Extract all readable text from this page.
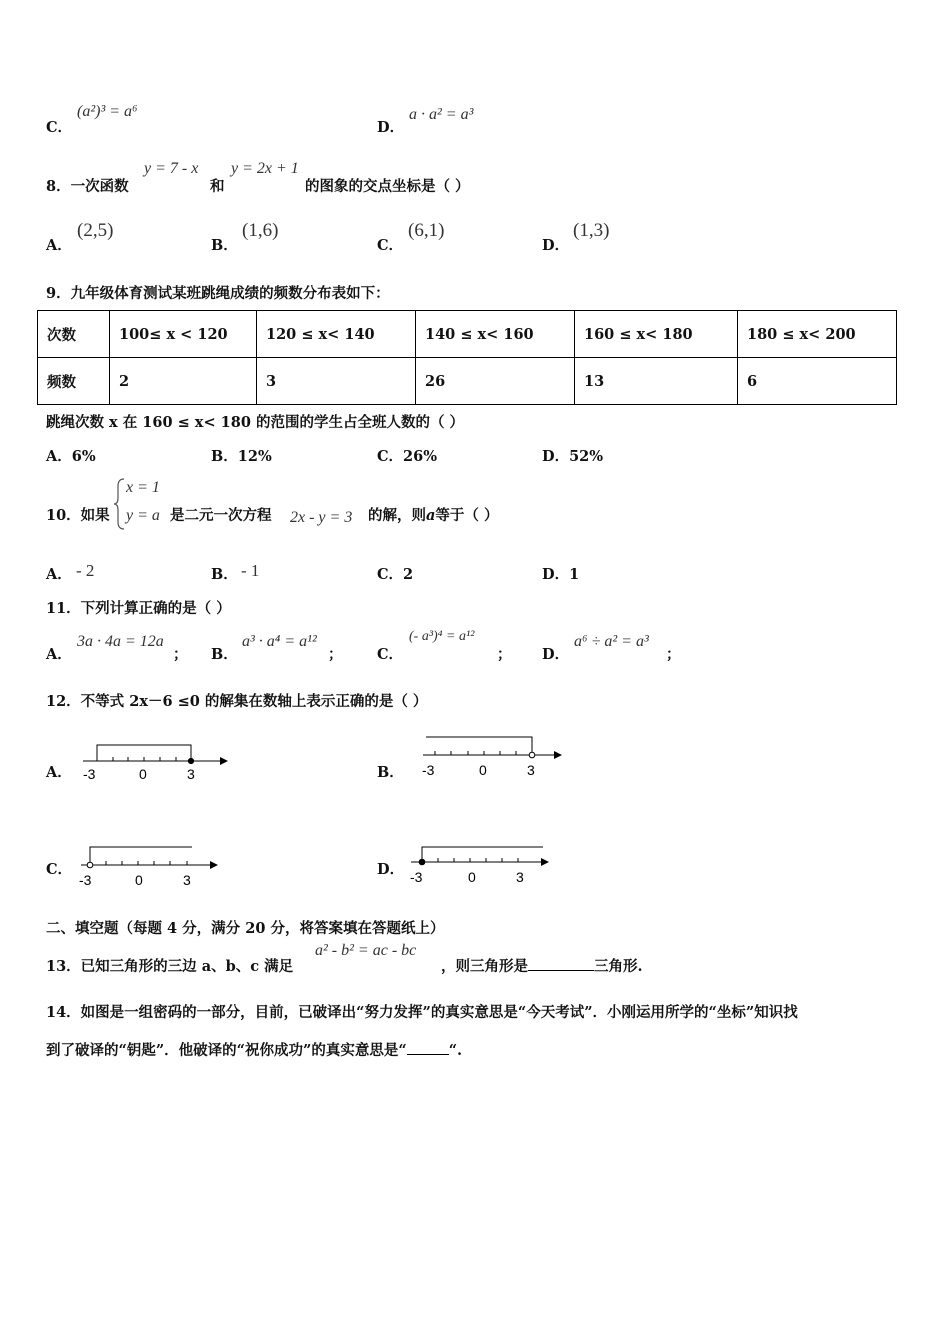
C．
(a²)³ = a⁶
D．
a · a² = a³
8．一次函数
y = 7 - x
和
y = 2x + 1
的图象的交点坐标是（ ）
A．
(2,5)
B．
(1,6)
C．
(6,1)
D．
(1,3)
9．九年级体育测试某班跳绳成绩的频数分布表如下：
次数	100≤ x < 120	120 ≤ x< 140	140 ≤ x< 160	160 ≤ x< 180	180 ≤ x< 200
频数	2	3	26	13	6
跳绳次数 x 在 160 ≤ x< 180 的范围的学生占全班人数的（ ）
A．6%	B．12%	C．26%	D．52%
10．如果
x = 1
y = a 是二元一次方程 2x - y = 3 的解，则a等于（ ）
A． - 2	B． - 1	C．2	D．1
11．下列计算正确的是（ ）
A．
3a · 4a = 12a
； B．
a³ · a⁴ = a¹²
； C．
(- a³)⁴ = a¹²
； D．
a⁶ ÷ a² = a³
；
12．不等式 2x－6 ≤0 的解集在数轴上表示正确的是（ ）
A． -3	0	3	B． -3	0	3
C．
-3	0	3
D． -3	0	3
二、填空题（每题 4 分，满分 20 分，将答案填在答题纸上）
13．已知三角形的三边 a、b、c 满足
a² - b² = ac - bc
，则三角形是	三角形.
14．如图是一组密码的一部分，目前，已破译出“努力发挥”的真实意思是“今天考试”．小刚运用所学的“坐标”知识找
到了破译的“钥匙”．他破译的“祝你成功”的真实意思是“	“.
